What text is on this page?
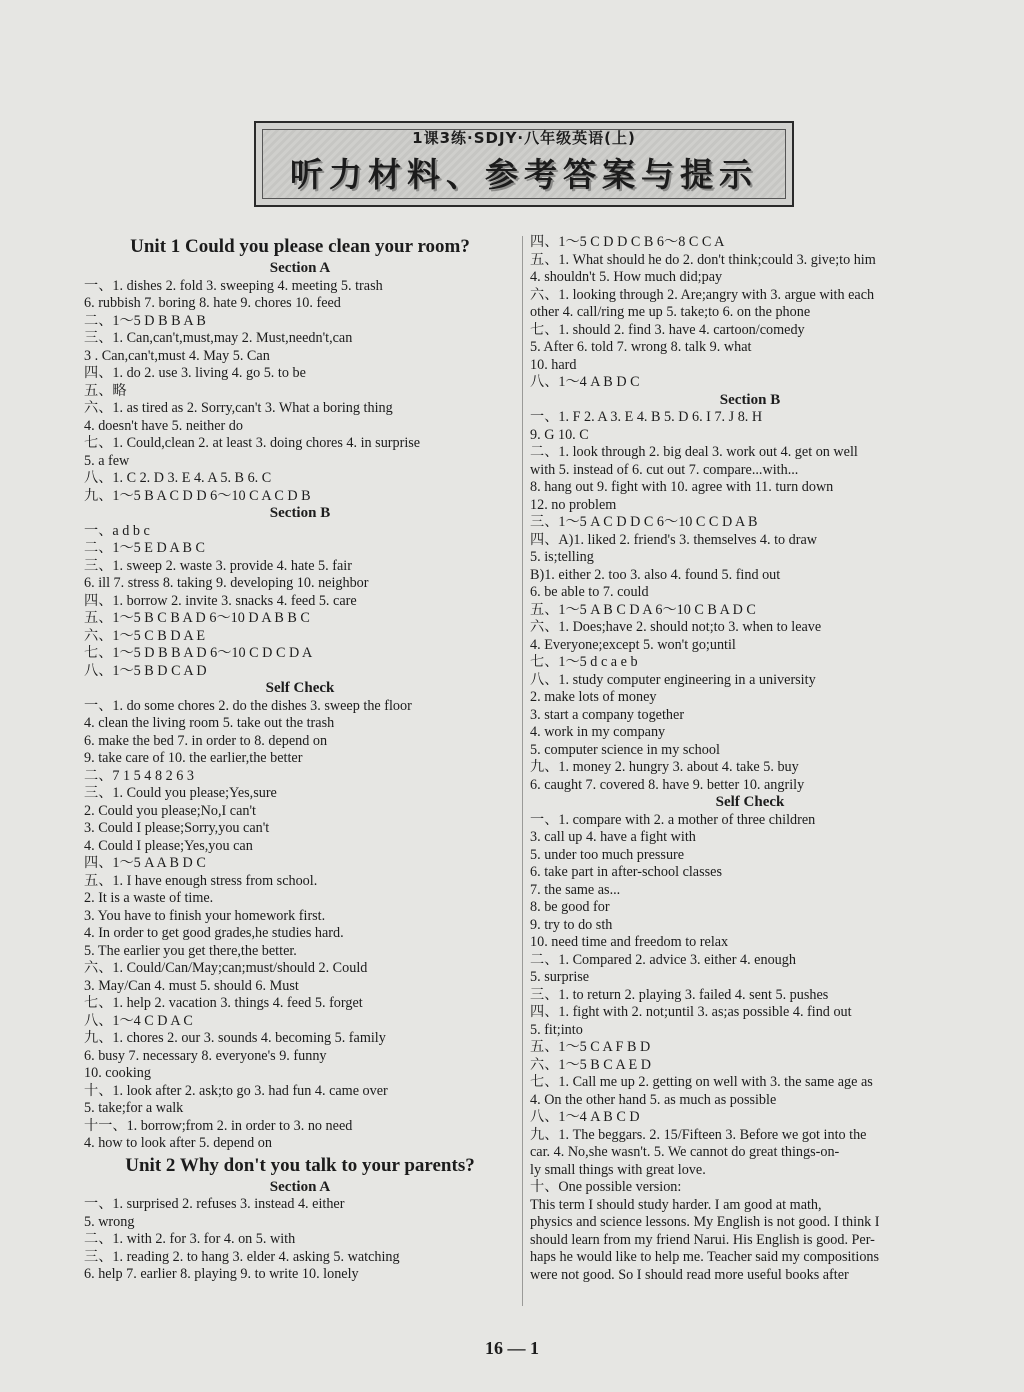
1课3练·SDJY·八年级英语(上)
听力材料、参考答案与提示
Unit 1 Could you please clean your room?
Section A
一、1. dishes 2. fold 3. sweeping 4. meeting 5. trash
6. rubbish 7. boring 8. hate 9. chores 10. feed
二、1～5 D B B A B
三、1. Can,can't,must,may 2. Must,needn't,can
3 . Can,can't,must 4. May 5. Can
四、1. do 2. use 3. living 4. go 5. to be
五、略
六、1. as tired as 2. Sorry,can't 3. What a boring thing
4. doesn't have 5. neither do
七、1. Could,clean 2. at least 3. doing chores 4. in surprise
5. a few
八、1. C 2. D 3. E 4. A 5. B 6. C
九、1～5 B A C D D 6～10 C A C D B
Section B
一、a d b c
二、1～5 E D A B C
三、1. sweep 2. waste 3. provide 4. hate 5. fair
6. ill 7. stress 8. taking 9. developing 10. neighbor
四、1. borrow 2. invite 3. snacks 4. feed 5. care
五、1～5 B C B A D 6～10 D A B B C
六、1～5 C B D A E
七、1～5 D B B A D 6～10 C D C D A
八、1～5 B D C A D
Self Check
一、1. do some chores 2. do the dishes 3. sweep the floor
4. clean the living room 5. take out the trash
6. make the bed 7. in order to 8. depend on
9. take care of 10. the earlier,the better
二、7 1 5 4 8 2 6 3
三、1. Could you please;Yes,sure
2. Could you please;No,I can't
3. Could I please;Sorry,you can't
4. Could I please;Yes,you can
四、1～5 A A B D C
五、1. I have enough stress from school.
2. It is a waste of time.
3. You have to finish your homework first.
4. In order to get good grades,he studies hard.
5. The earlier you get there,the better.
六、1. Could/Can/May;can;must/should 2. Could
3. May/Can 4. must 5. should 6. Must
七、1. help 2. vacation 3. things 4. feed 5. forget
八、1～4 C D A C
九、1. chores 2. our 3. sounds 4. becoming 5. family
6. busy 7. necessary 8. everyone's 9. funny
10. cooking
十、1. look after 2. ask;to go 3. had fun 4. came over
5. take;for a walk
十一、1. borrow;from 2. in order to 3. no need
4. how to look after 5. depend on
Unit 2 Why don't you talk to your parents?
Section A
一、1. surprised 2. refuses 3. instead 4. either
5. wrong
二、1. with 2. for 3. for 4. on 5. with
三、1. reading 2. to hang 3. elder 4. asking 5. watching
6. help 7. earlier 8. playing 9. to write 10. lonely
四、1～5 C D D C B 6～8 C C A
五、1. What should he do 2. don't think;could 3. give;to him
4. shouldn't 5. How much did;pay
六、1. looking through 2. Are;angry with 3. argue with each
other 4. call/ring me up 5. take;to 6. on the phone
七、1. should 2. find 3. have 4. cartoon/comedy
5. After 6. told 7. wrong 8. talk 9. what
10. hard
八、1～4 A B D C
Section B
一、1. F 2. A 3. E 4. B 5. D 6. I 7. J 8. H
9. G 10. C
二、1. look through 2. big deal 3. work out 4. get on well
with 5. instead of 6. cut out 7. compare...with...
8. hang out 9. fight with 10. agree with 11. turn down
12. no problem
三、1～5 A C D D C 6～10 C C D A B
四、A)1. liked 2. friend's 3. themselves 4. to draw
5. is;telling
B)1. either 2. too 3. also 4. found 5. find out
6. be able to 7. could
五、1～5 A B C D A 6～10 C B A D C
六、1. Does;have 2. should not;to 3. when to leave
4. Everyone;except 5. won't go;until
七、1～5 d c a e b
八、1. study computer engineering in a university
2. make lots of money
3. start a company together
4. work in my company
5. computer science in my school
九、1. money 2. hungry 3. about 4. take 5. buy
6. caught 7. covered 8. have 9. better 10. angrily
Self Check
一、1. compare with 2. a mother of three children
3. call up 4. have a fight with
5. under too much pressure
6. take part in after-school classes
7. the same as...
8. be good for
9. try to do sth
10. need time and freedom to relax
二、1. Compared 2. advice 3. either 4. enough
5. surprise
三、1. to return 2. playing 3. failed 4. sent 5. pushes
四、1. fight with 2. not;until 3. as;as possible 4. find out
5. fit;into
五、1～5 C A F B D
六、1～5 B C A E D
七、1. Call me up 2. getting on well with 3. the same age as
4. On the other hand 5. as much as possible
八、1～4 A B C D
九、1. The beggars. 2. 15/Fifteen 3. Before we got into the
car. 4. No,she wasn't. 5. We cannot do great things-on-
ly small things with great love.
十、One possible version:
This term I should study harder. I am good at math,
physics and science lessons. My English is not good. I think I
should learn from my friend Narui. His English is good. Per-
haps he would like to help me. Teacher said my compositions
were not good. So I should read more useful books after
16 — 1
